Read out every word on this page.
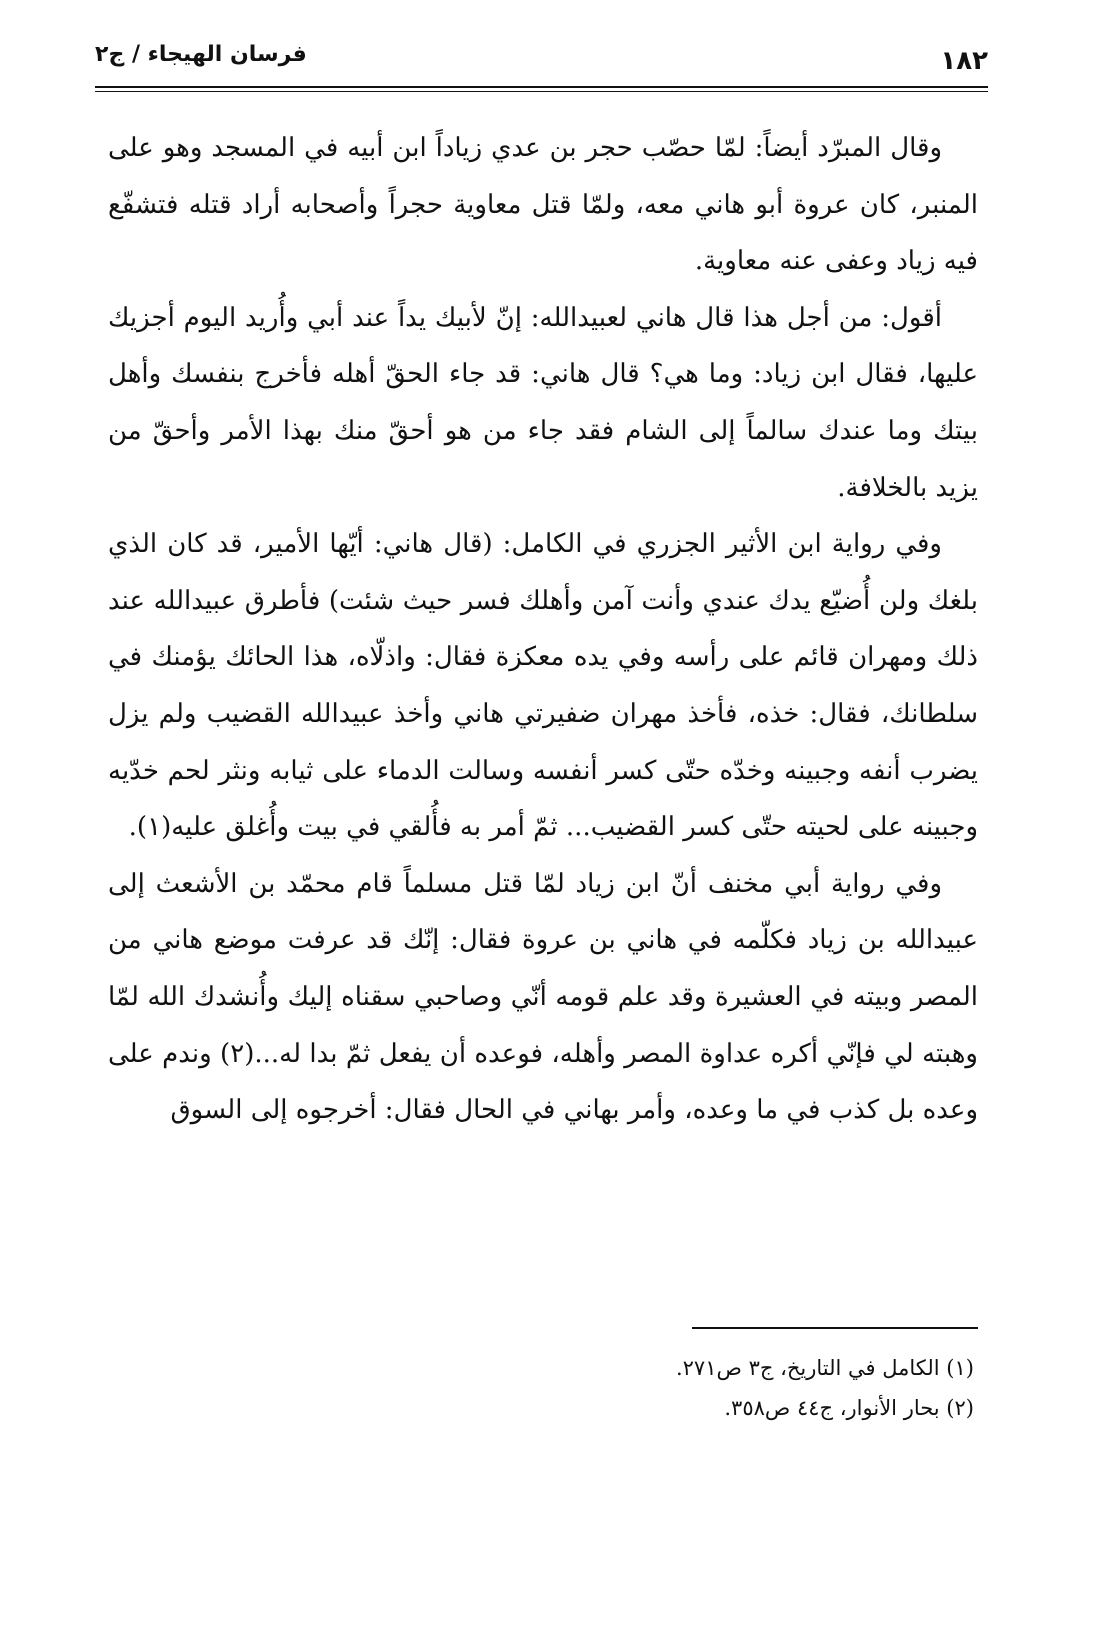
١٨٢
فرسان الهيجاء / ج٢

وقال المبرّد أيضاً: لمّا حصّب حجر بن عدي زياداً ابن أبيه في المسجد وهو على المنبر، كان عروة أبو هاني معه، ولمّا قتل معاوية حجراً وأصحابه أراد قتله فتشفّع فيه زياد وعفى عنه معاوية.

أقول: من أجل هذا قال هاني لعبيدالله: إنّ لأبيك يداً عند أبي وأُريد اليوم أجزيك عليها، فقال ابن زياد: وما هي؟ قال هاني: قد جاء الحقّ أهله فأخرج بنفسك وأهل بيتك وما عندك سالماً إلى الشام فقد جاء من هو أحقّ منك بهذا الأمر وأحقّ من يزيد بالخلافة.

وفي رواية ابن الأثير الجزري في الكامل: (قال هاني: أيّها الأمير، قد كان الذي بلغك ولن أُضيّع يدك عندي وأنت آمن وأهلك فسر حيث شئت) فأطرق عبيدالله عند ذلك ومهران قائم على رأسه وفي يده معكزة فقال: واذلّاه، هذا الحائك يؤمنك في سلطانك، فقال: خذه، فأخذ مهران ضفيرتي هاني وأخذ عبيدالله القضيب ولم يزل يضرب أنفه وجبينه وخدّه حتّى كسر أنفسه وسالت الدماء على ثيابه ونثر لحم خدّيه وجبينه على لحيته حتّى كسر القضيب... ثمّ أمر به فأُلقي في بيت وأُغلق عليه(١).

وفي رواية أبي مخنف أنّ ابن زياد لمّا قتل مسلماً قام محمّد بن الأشعث إلى عبيدالله بن زياد فكلّمه في هاني بن عروة فقال: إنّك قد عرفت موضع هاني من المصر وبيته في العشيرة وقد علم قومه أنّي وصاحبي سقناه إليك وأُنشدك الله لمّا وهبته لي فإنّي أكره عداوة المصر وأهله، فوعده أن يفعل ثمّ بدا له...(٢) وندم على وعده بل كذب في ما وعده، وأمر بهاني في الحال فقال: أخرجوه إلى السوق

(١) الكامل في التاريخ، ج٣ ص٢٧١.
(٢) بحار الأنوار، ج٤٤ ص٣٥٨.
